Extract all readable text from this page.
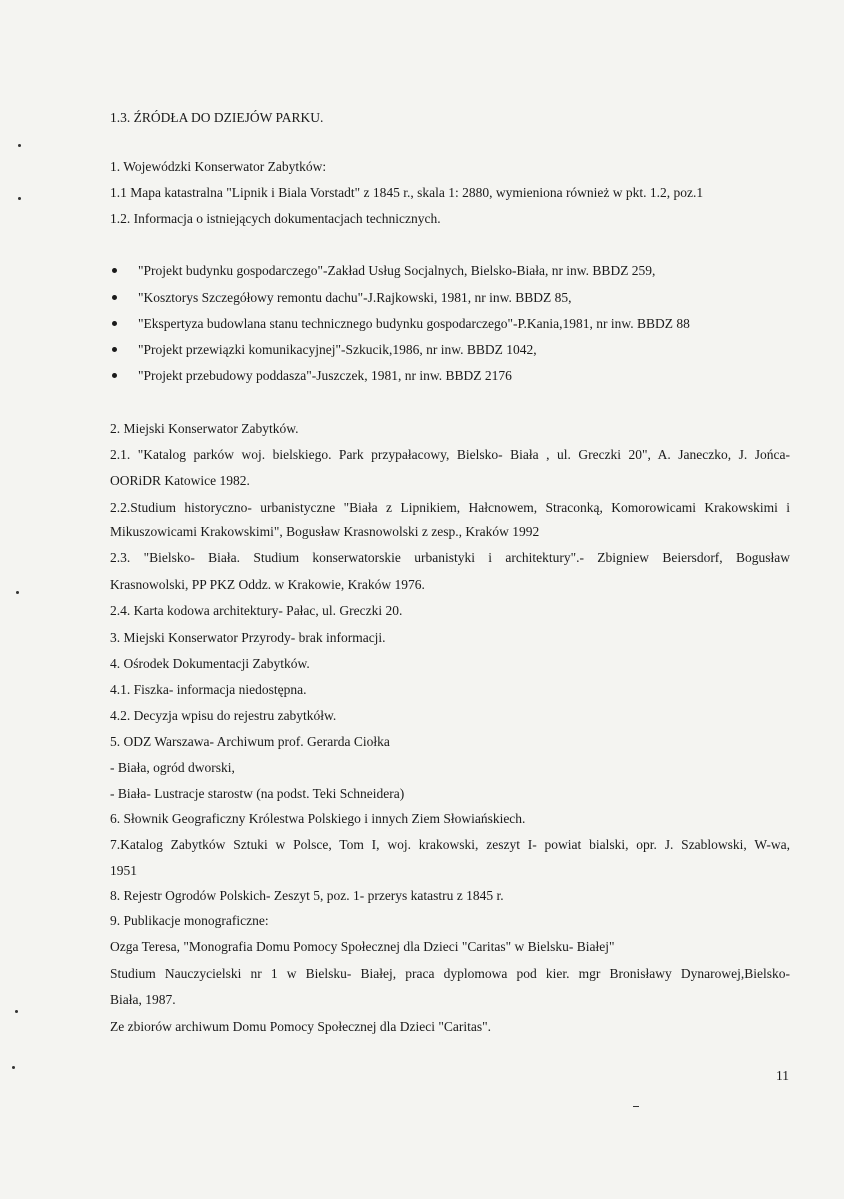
1.3. ŹRÓDŁA DO DZIEJÓW PARKU.
1. Wojewódzki Konserwator Zabytków:
1.1 Mapa katastralna "Lipnik i Biala Vorstadt" z 1845 r., skala 1: 2880, wymieniona również w pkt. 1.2, poz.1
1.2. Informacja o istniejących dokumentacjach technicznych.
"Projekt budynku gospodarczego"-Zakład Usług Socjalnych, Bielsko-Biała, nr inw. BBDZ 259,
"Kosztorys Szczegółowy remontu dachu"-J.Rajkowski, 1981, nr inw. BBDZ 85,
"Ekspertyza budowlana stanu technicznego budynku gospodarczego"-P.Kania,1981, nr inw. BBDZ 88
"Projekt przewiązki komunikacyjnej"-Szkucik,1986, nr inw. BBDZ 1042,
"Projekt przebudowy poddasza"-Juszczek, 1981, nr inw. BBDZ 2176
2. Miejski Konserwator Zabytków.
2.1. "Katalog parków woj. bielskiego. Park przypałacowy, Bielsko- Biała , ul. Greczki 20", A. Janeczko, J. Jońca-
OORiDR Katowice 1982.
2.2.Studium historyczno- urbanistyczne "Biała z Lipnikiem, Hałcnowem, Straconką, Komorowicami Krakowskimi i
Mikuszowicami Krakowskimi", Bogusław Krasnowolski z zesp., Kraków 1992
2.3. "Bielsko- Biała. Studium konserwatorskie urbanistyki i architektury".- Zbigniew Beiersdorf, Bogusław
Krasnowolski, PP PKZ Oddz. w Krakowie, Kraków 1976.
2.4. Karta kodowa architektury- Pałac, ul. Greczki 20.
3. Miejski Konserwator Przyrody- brak informacji.
4. Ośrodek Dokumentacji Zabytków.
4.1. Fiszka- informacja niedostępna.
4.2. Decyzja wpisu do rejestru zabytkółw.
5. ODZ Warszawa- Archiwum prof. Gerarda Ciołka
- Biała, ogród dworski,
- Biała- Lustracje starostw (na podst. Teki Schneidera)
6. Słownik Geograficzny Królestwa Polskiego i innych Ziem Słowiańskiech.
7.Katalog Zabytków Sztuki w Polsce, Tom I, woj. krakowski, zeszyt I- powiat bialski, opr. J. Szablowski, W-wa,
1951
8. Rejestr Ogrodów Polskich- Zeszyt 5, poz. 1- przerys katastru z 1845 r.
9. Publikacje monograficzne:
Ozga Teresa, "Monografia Domu Pomocy Społecznej dla Dzieci "Caritas" w Bielsku- Białej"
Studium Nauczycielski nr 1 w Bielsku- Białej, praca dyplomowa pod kier. mgr Bronisławy Dynarowej,Bielsko-
Biała, 1987.
Ze zbiorów archiwum Domu Pomocy Społecznej dla Dzieci "Caritas".
11
